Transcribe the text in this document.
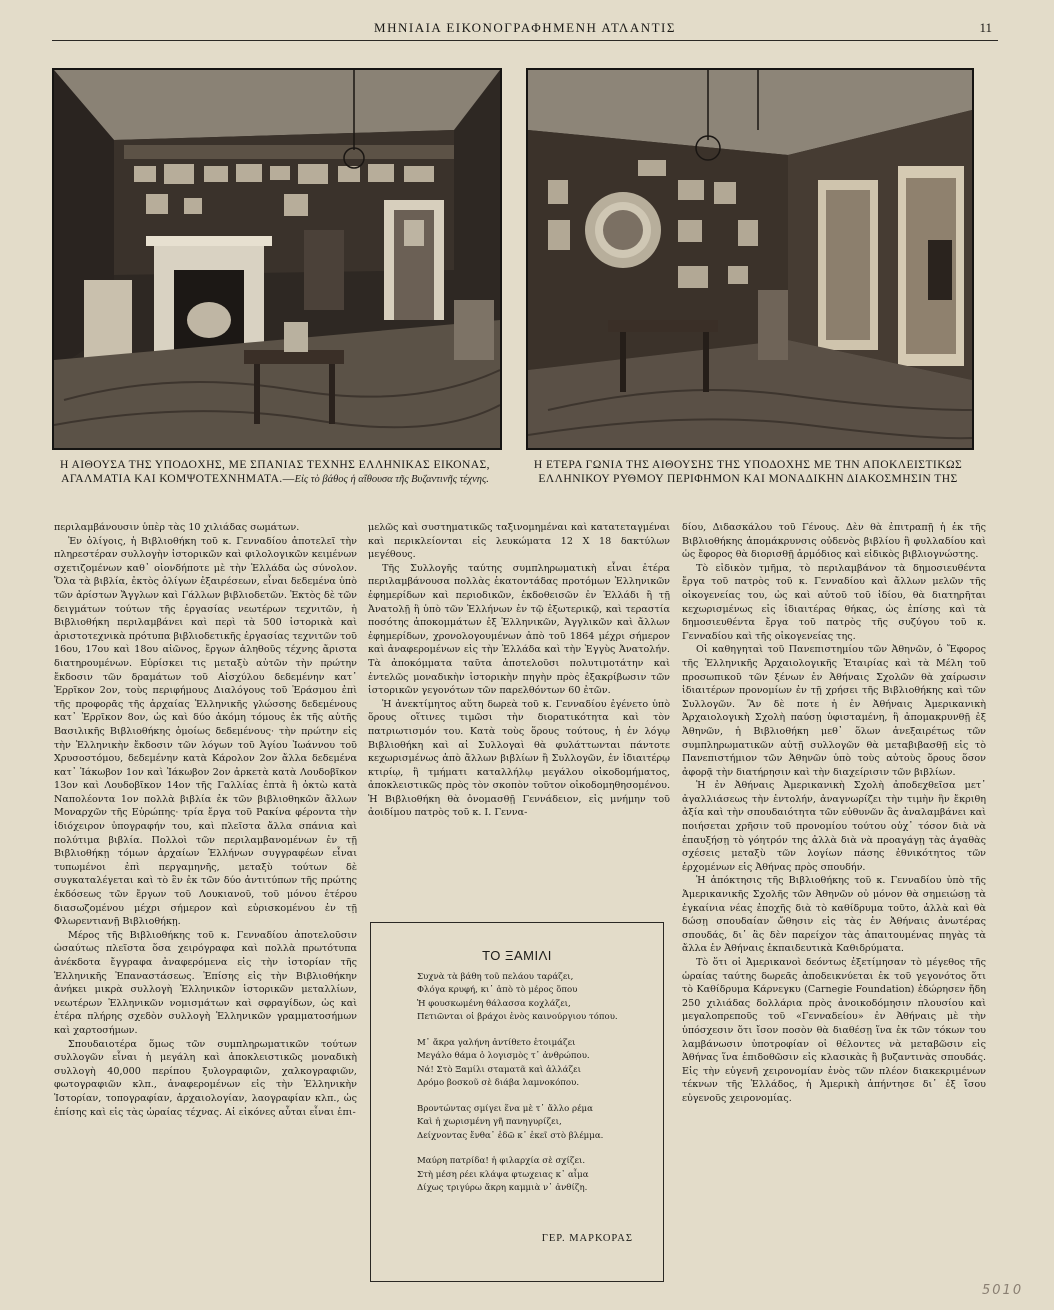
ΜΗΝΙΑΙΑ ΕΙΚΟΝΟΓΡΑΦΗΜΕΝΗ ΑΤΛΑΝΤΙΣ	11
Η ΑΙΘΟΥΣΑ ΤΗΣ ΥΠΟΔΟΧΗΣ, ΜΕ ΣΠΑΝΙΑΣ ΤΕΧΝΗΣ ΕΛΛΗΝΙΚΑΣ ΕΙΚΟΝΑΣ, ΑΓΑΛΜΑΤΙΑ ΚΑΙ ΚΟΜΨΟΤΕΧΝΗΜΑΤΑ.—Εἰς τὸ βάθος ἡ αἴθουσα τῆς Βυζαντινῆς τέχνης.
Η ΕΤΕΡΑ ΓΩΝΙΑ ΤΗΣ ΑΙΘΟΥΣΗΣ ΤΗΣ ΥΠΟΔΟΧΗΣ ΜΕ ΤΗΝ ΑΠΟΚΛΕΙΣΤΙΚΩΣ ΕΛΛΗΝΙΚΟΥ ΡΥΘΜΟΥ ΠΕΡΙΦΗΜΟΝ ΚΑΙ ΜΟΝΑΔΙΚΗΝ ΔΙΑΚΟΣΜΗΣΙΝ ΤΗΣ

περιλαμβάνουσιν ὑπὲρ τὰς 10 χιλιάδας σωμάτων.

Ἐν ὀλίγοις, ἡ Βιβλιοθήκη τοῦ κ. Γενναδίου ἀποτελεῖ τὴν πληρεστέραν συλλογὴν ἱστορικῶν καὶ φιλολογικῶν κειμένων σχετιζομένων καθ᾽ οἱονδήποτε μὲ τὴν Ἑλλάδα ὡς σύνολον. Ὅλα τὰ βιβλία, ἐκτὸς ὀλίγων ἐξαιρέσεων, εἶναι δεδεμένα ὑπὸ τῶν ἀρίστων Ἄγγλων καὶ Γάλλων βιβλιοδετῶν. Ἐκτὸς δὲ τῶν δειγμάτων τούτων τῆς ἐργασίας νεωτέρων τεχνιτῶν, ἡ Βιβλιοθήκη περιλαμβάνει καὶ περὶ τὰ 500 ἱστορικὰ καὶ ἀριστοτεχνικὰ πρότυπα βιβλιοδετικῆς ἐργασίας τεχνιτῶν τοῦ 16ου, 17ου καὶ 18ου αἰῶνος, ἔργων ἀληθοῦς τέχνης ἄριστα διατηρουμένων. Εὑρίσκει τις μεταξὺ αὐτῶν τὴν πρώτην ἔκδοσιν τῶν δραμάτων τοῦ Αἰσχύλου δεδεμένην κατ᾽ Ἐρρῖκον 2ον, τοὺς περιφήμους Διαλόγους τοῦ Ἐράσμου ἐπὶ τῆς προφορᾶς τῆς ἀρχαίας Ἑλληνικῆς γλώσσης δεδεμένους κατ᾽ Ἐρρῖκον 8ον, ὡς καὶ δύο ἀκόμη τόμους ἐκ τῆς αὐτῆς Βασιλικῆς Βιβλιοθήκης ὁμοίως δεδεμένους· τὴν πρώτην εἰς τὴν Ἑλληνικὴν ἔκδοσιν τῶν λόγων τοῦ Ἁγίου Ἰωάννου τοῦ Χρυσοστόμου, δεδεμένην κατὰ Κάρολον 2ον ἄλλα δεδεμένα κατ᾽ Ἰάκωβον 1ον καὶ Ἰάκωβον 2ον ἀρκετὰ κατὰ Λουδοβῖκον 13ον καὶ Λουδοβῖκον 14ον τῆς Γαλλίας ἑπτὰ ἢ ὀκτὼ κατὰ Ναπολέοντα 1ον πολλὰ βιβλία ἐκ τῶν βιβλιοθηκῶν ἄλλων Μοναρχῶν τῆς Εὐρώπης· τρία ἔργα τοῦ Ρακίνα φέροντα τὴν ἰδιόχειρον ὑπογραφήν του, καὶ πλεῖστα ἄλλα σπάνια καὶ πολύτιμα βιβλία. Πολλοὶ τῶν περιλαμβανομένων ἐν τῇ Βιβλιοθήκῃ τόμων ἀρχαίων Ἑλλήνων συγγραφέων εἶναι τυπωμένοι ἐπὶ περγαμηνῆς, μεταξὺ τούτων δὲ συγκαταλέγεται καὶ τὸ ἓν ἐκ τῶν δύο ἀντιτύπων τῆς πρώτης ἐκδόσεως τῶν ἔργων τοῦ Λουκιανοῦ, τοῦ μόνου ἑτέρου διασωζομένου μέχρι σήμερον καὶ εὑρισκομένου ἐν τῇ Φλωρεντιανῇ Βιβλιοθήκῃ.

Μέρος τῆς Βιβλιοθήκης τοῦ κ. Γενναδίου ἀποτελοῦσιν ὡσαύτως πλεῖστα ὅσα χειρόγραφα καὶ πολλὰ πρωτότυπα ἀνέκδοτα ἔγγραφα ἀναφερόμενα εἰς τὴν ἱστορίαν τῆς Ἑλληνικῆς Ἐπαναστάσεως. Ἐπίσης εἰς τὴν Βιβλιοθήκην ἀνήκει μικρὰ συλλογὴ Ἑλληνικῶν ἱστορικῶν μεταλλίων, νεωτέρων Ἑλληνικῶν νομισμάτων καὶ σφραγίδων, ὡς καὶ ἑτέρα πλήρης σχεδὸν συλλογὴ Ἑλληνικῶν γραμματοσήμων καὶ χαρτοσήμων.

Σπουδαιοτέρα ὅμως τῶν συμπληρωματικῶν τούτων συλλογῶν εἶναι ἡ μεγάλη καὶ ἀποκλειστικῶς μοναδικὴ συλλογὴ 40,000 περίπου ξυλογραφιῶν, χαλκογραφιῶν, φωτογραφιῶν κλπ., ἀναφερομένων εἰς τὴν Ἑλληνικὴν Ἱστορίαν, τοπογραφίαν, ἀρχαιολογίαν, λαογραφίαν κλπ., ὡς ἐπίσης καὶ εἰς τὰς ὡραίας τέχνας. Αἱ εἰκόνες αὗται εἶναι ἐπι-

μελῶς καὶ συστηματικῶς ταξινομημέναι καὶ κατατεταγμέναι καὶ περικλείονται εἰς λευκώματα 12 X 18 δακτύλων μεγέθους.

Τῆς Συλλογῆς ταύτης συμπληρωματικὴ εἶναι ἑτέρα περιλαμβάνουσα πολλὰς ἑκατοντάδας προτόμων Ἑλληνικῶν ἐφημερίδων καὶ περιοδικῶν, ἐκδοθεισῶν ἐν Ἑλλάδι ἢ τῇ Ἀνατολῇ ἢ ὑπὸ τῶν Ἑλλήνων ἐν τῷ ἐξωτερικῷ, καὶ τεραστία ποσότης ἀποκομμάτων ἐξ Ἑλληνικῶν, Ἀγγλικῶν καὶ ἄλλων ἐφημερίδων, χρονολογουμένων ἀπὸ τοῦ 1864 μέχρι σήμερον καὶ ἀναφερομένων εἰς τὴν Ἑλλάδα καὶ τὴν Ἐγγὺς Ἀνατολήν. Τὰ ἀποκόμματα ταῦτα ἀποτελοῦσι πολυτιμοτάτην καὶ ἐντελῶς μοναδικὴν ἱστορικὴν πηγὴν πρὸς ἐξακρίβωσιν τῶν ἱστορικῶν γεγονότων τῶν παρελθόντων 60 ἐτῶν.

Ἡ ἀνεκτίμητος αὕτη δωρεὰ τοῦ κ. Γενναδίου ἐγένετο ὑπὸ ὅρους οἵτινες τιμῶσι τὴν διορατικότητα καὶ τὸν πατριωτισμόν του. Κατὰ τοὺς ὅρους τούτους, ἡ ἐν λόγῳ Βιβλιοθήκη καὶ αἱ Συλλογαὶ θὰ φυλάττωνται πάντοτε κεχωρισμένως ἀπὸ ἄλλων βιβλίων ἢ Συλλογῶν, ἐν ἰδιαιτέρῳ κτιρίῳ, ἢ τμήματι καταλλήλῳ μεγάλου οἰκοδομήματος, ἀποκλειστικῶς πρὸς τὸν σκοπὸν τοῦτον οἰκοδομηθησομένου. Ἡ Βιβλιοθήκη θὰ ὀνομασθῇ Γεννάδειον, εἰς μνήμην τοῦ ἀοιδίμου πατρὸς τοῦ κ. Ι. Γεννα-

δίου, Διδασκάλου τοῦ Γένους. Δὲν θὰ ἐπιτραπῇ ἡ ἐκ τῆς Βιβλιοθήκης ἀπομάκρυνσις οὐδενὸς βιβλίου ἢ φυλλαδίου καὶ ὡς ἔφορος θὰ διορισθῇ ἁρμόδιος καὶ εἰδικὸς βιβλιογνώστης.

Τὸ εἰδικὸν τμῆμα, τὸ περιλαμβάνον τὰ δημοσιευθέντα ἔργα τοῦ πατρὸς τοῦ κ. Γενναδίου καὶ ἄλλων μελῶν τῆς οἰκογενείας του, ὡς καὶ αὐτοῦ τοῦ ἰδίου, θὰ διατηρῆται κεχωρισμένως εἰς ἰδιαιτέρας θήκας, ὡς ἐπίσης καὶ τὰ δημοσιευθέντα ἔργα τοῦ πατρὸς τῆς συζύγου τοῦ κ. Γενναδίου καὶ τῆς οἰκογενείας της.

Οἱ καθηγηταὶ τοῦ Πανεπιστημίου τῶν Ἀθηνῶν, ὁ Ἔφορος τῆς Ἑλληνικῆς Ἀρχαιολογικῆς Ἑταιρίας καὶ τὰ Μέλη τοῦ προσωπικοῦ τῶν ξένων ἐν Ἀθήναις Σχολῶν θὰ χαίρωσιν ἰδιαιτέρων προνομίων ἐν τῇ χρήσει τῆς Βιβλιοθήκης καὶ τῶν Συλλογῶν. Ἂν δὲ ποτε ἡ ἐν Ἀθήναις Ἀμερικανικὴ Ἀρχαιολογικὴ Σχολὴ παύσῃ ὑφισταμένη, ἢ ἀπομακρυνθῇ ἐξ Ἀθηνῶν, ἡ Βιβλιοθήκη μεθ᾽ ὅλων ἀνεξαιρέτως τῶν συμπληρωματικῶν αὐτῇ συλλογῶν θὰ μεταβιβασθῇ εἰς τὸ Πανεπιστήμιον τῶν Ἀθηνῶν ὑπὸ τοὺς αὐτοὺς ὅρους ὅσον ἀφορᾷ τὴν διατήρησιν καὶ τὴν διαχείρισιν τῶν βιβλίων.

Ἡ ἐν Ἀθήναις Ἀμερικανικὴ Σχολὴ ἀποδεχθεῖσα μετ᾽ ἀγαλλιάσεως τὴν ἐντολήν, ἀναγνωρίζει τὴν τιμὴν ἣν ἔκριθη ἀξία καὶ τὴν σπουδαιότητα τῶν εὐθυνῶν ἃς ἀναλαμβάνει καὶ ποιήσεται χρῆσιν τοῦ προνομίου τούτου οὐχ᾽ τόσον διὰ νὰ ἐπαυξήσῃ τὸ γόητρόν της ἀλλὰ διὰ νὰ προαγάγῃ τὰς ἀγαθὰς σχέσεις μεταξὺ τῶν λογίων πάσης ἐθνικότητος τῶν ἐρχομένων εἰς Ἀθήνας πρὸς σπουδήν.

Ἡ ἀπόκτησις τῆς Βιβλιοθήκης τοῦ κ. Γενναδίου ὑπὸ τῆς Ἀμερικανικῆς Σχολῆς τῶν Ἀθηνῶν οὐ μόνον θὰ σημειώσῃ τὰ ἐγκαίνια νέας ἐποχῆς διὰ τὸ καθίδρυμα τοῦτο, ἀλλὰ καὶ θὰ δώσῃ σπουδαίαν ὤθησιν εἰς τὰς ἐν Ἀθήναις ἀνωτέρας σπουδάς, δι᾽ ἃς δὲν παρείχον τὰς ἀπαιτουμένας πηγὰς τὰ ἄλλα ἐν Ἀθήναις ἐκπαιδευτικὰ Καθιδρύματα.

Τὸ ὅτι οἱ Ἀμερικανοὶ δεόντως ἐξετίμησαν τὸ μέγεθος τῆς ὡραίας ταύτης δωρεᾶς ἀποδεικνύεται ἐκ τοῦ γεγονότος ὅτι τὸ Καθίδρυμα Κάρνεγκυ (Carnegie Foundation) ἐδώρησεν ἤδη 250 χιλιάδας δολλάρια πρὸς ἀνοικοδόμησιν πλουσίου καὶ μεγαλοπρεποῦς τοῦ «Γενναδείου» ἐν Ἀθήναις μὲ τὴν ὑπόσχεσιν ὅτι ἴσον ποσὸν θὰ διαθέσῃ ἵνα ἐκ τῶν τόκων του λαμβάνωσιν ὑποτροφίαν οἱ θέλοντες νὰ μεταβῶσιν εἰς Ἀθήνας ἵνα ἐπιδοθῶσιν εἰς κλασικὰς ἢ βυζαντινὰς σπουδάς. Εἰς τὴν εὐγενῆ χειρονομίαν ἑνὸς τῶν πλέον διακεκριμένων τέκνων τῆς Ἑλλάδος, ἡ Ἀμερικὴ ἀπήντησε δι᾽ ἐξ ἴσου εὐγενοῦς χειρονομίας.

ΤΟ ΞΑΜΙΛΙ
Συχνὰ τὰ βάθη τοῦ πελάου ταράζει,
Φλόγα κρυφή, κι᾽ ἀπὸ τὸ μέρος ὅπου
Ἡ φουσκωμένη θάλασσα κοχλάζει,
Πετιῶνται οἱ βράχοι ἑνὸς καινούργιου τόπου.
Μ᾽ ἄκρα γαλήνη ἀντίθετο ἑτοιμάζει
Μεγάλο θάμα ὁ λογισμὸς τ᾽ ἀνθρώπου.
Νά! Στὸ Ξαμίλι σταματᾶ καὶ ἀλλάζει
Δρόμο βοσκοῦ σὲ διάβα λαμνοκόπου.
Βροντώντας σμίγει ἕνα μὲ τ᾽ ἄλλο ρέμα
Καὶ ἡ χωρισμένη γῆ πανηγυρίζει,
Δείχνοντας ἔνθα᾽ ἐδῶ κ᾽ ἐκεῖ στὸ βλέμμα.
Μαύρη πατρίδα! ἡ φιλαρχία σὲ σχίζει.
Στὴ μέση ρέει κλάψα φτωχειας κ᾽ αἷμα
Δίχως τριγύρω ἄκρη καμμιὰ ν᾽ ἀνθίζη.
ΓΕΡ. ΜΑΡΚΟΡΑΣ
5010
